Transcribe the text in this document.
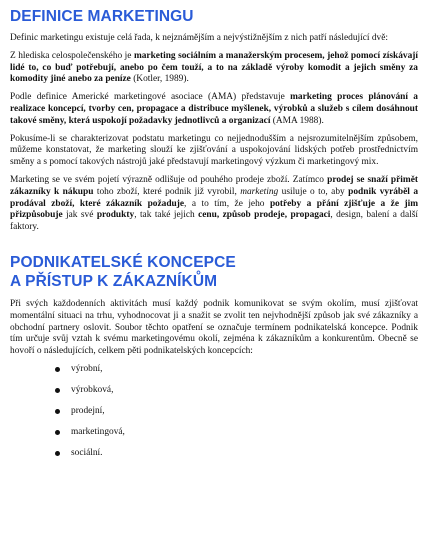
DEFINICE MARKETINGU

Definic marketingu existuje celá řada, k nejznámějším a nejvýstižnějším z nich patří následující dvě:

Z hlediska celospolečenského je marketing sociálním a manažerským procesem, jehož pomocí získávají lidé to, co buď potřebují, anebo po čem touží, a to na základě výroby komodit a jejich směny za komodity jiné anebo za peníze (Kotler, 1989).

Podle definice Americké marketingové asociace (AMA) představuje marketing proces plánování a realizace koncepcí, tvorby cen, propagace a distribuce myšlenek, výrobků a služeb s cílem dosáhnout takové směny, která uspokojí požadavky jednotlivců a organizací (AMA 1988).

Pokusíme-li se charakterizovat podstatu marketingu co nejjednodušším a nejsrozumitelnějším způsobem, můžeme konstatovat, že marketing slouží ke zjišťování a uspokojování lidských potřeb prostřednictvím směny a s pomocí takových nástrojů jaké představují marketingový výzkum či marketingový mix.

Marketing se ve svém pojetí výrazně odlišuje od pouhého prodeje zboží. Zatímco prodej se snaží přimět zákazníky k nákupu toho zboží, které podnik již vyrobil, marketing usiluje o to, aby podnik vyráběl a prodával zboží, které zákazník požaduje, a to tím, že jeho potřeby a přání zjišťuje a že jim přizpůsobuje jak své produkty, tak také jejich cenu, způsob prodeje, propagaci, design, balení a další faktory.

PODNIKATELSKÉ KONCEPCE
A PŘÍSTUP K ZÁKAZNÍKŮM

Při svých každodenních aktivitách musí každý podnik komunikovat se svým okolím, musí zjišťovat momentální situaci na trhu, vyhodnocovat ji a snažit se zvolit ten nejvhodnější způsob jak své zákazníky a obchodní partnery oslovit. Soubor těchto opatření se označuje termínem podnikatelská koncepce. Podnik tím určuje svůj vztah k svému marketingovému okolí, zejména k zákazníkům a konkurentům. Obecně se hovoří o následujících, celkem pěti podnikatelských koncepcích:

výrobní,
výrobková,
prodejní,
marketingová,
sociální.
